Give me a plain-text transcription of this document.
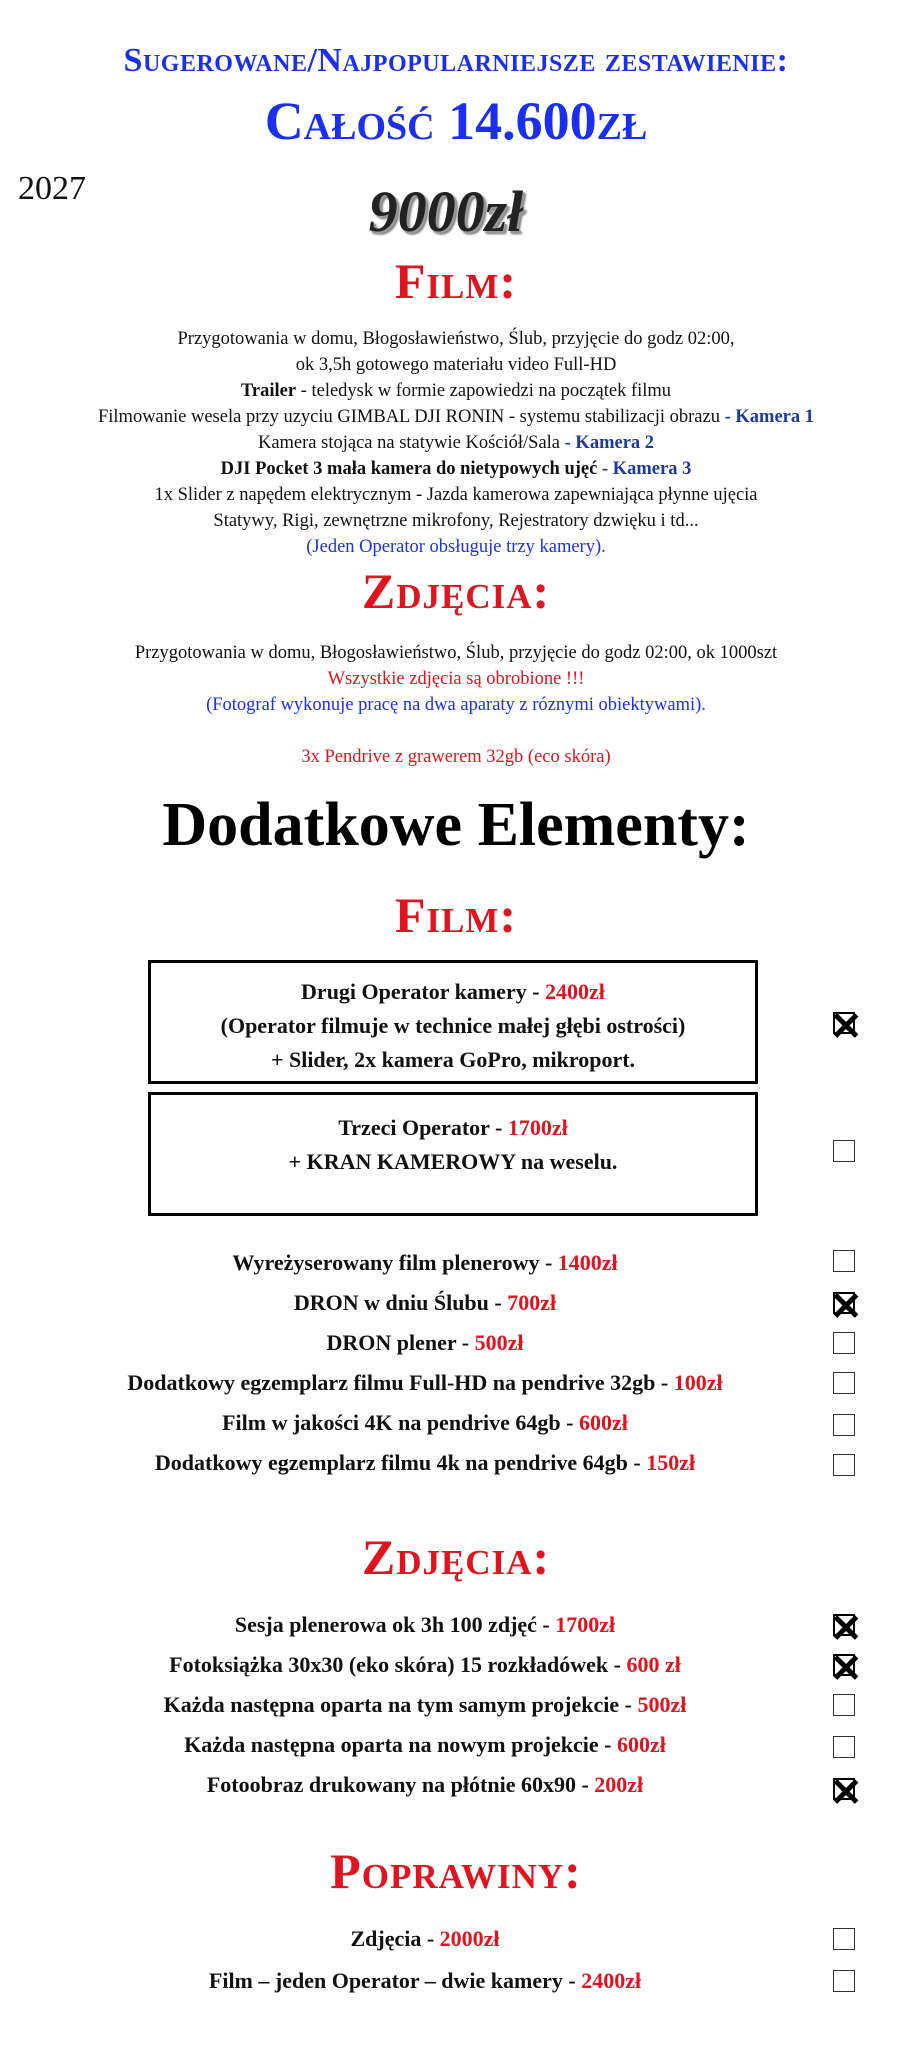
Sugerowane/Najpopularniejsze zestawienie:
Całość 14.600zł
2027	9000zł
Film:
Przygotowania w domu, Błogosławieństwo, Ślub, przyjęcie do godz 02:00,
ok 3,5h gotowego materiału video Full-HD
Trailer - teledysk w formie zapowiedzi na początek filmu
Filmowanie wesela przy uzyciu GIMBAL DJI RONIN - systemu stabilizacji obrazu - Kamera 1
Kamera stojąca na statywie Kościół/Sala - Kamera 2
DJI Pocket 3 mała kamera do nietypowych ujęć - Kamera 3
1x Slider z napędem elektrycznym - Jazda kamerowa zapewniająca płynne ujęcia
Statywy, Rigi, zewnętrzne mikrofony, Rejestratory dzwięku i td...
(Jeden Operator obsługuje trzy kamery).
Zdjęcia:
Przygotowania w domu, Błogosławieństwo, Ślub, przyjęcie do godz 02:00, ok 1000szt
Wszystkie zdjęcia są obrobione !!!
(Fotograf wykonuje pracę na dwa aparaty z róznymi obiektywami).
3x Pendrive z grawerem 32gb (eco skóra)
Dodatkowe Elementy:
Film:
Drugi Operator kamery - 2400zł
(Operator filmuje w technice małej głębi ostrości)
+ Slider, 2x kamera GoPro, mikroport.
Trzeci Operator - 1700zł
+ KRAN KAMEROWY na weselu.
Wyreżyserowany film plenerowy - 1400zł
DRON w dniu Ślubu - 700zł
DRON plener - 500zł
Dodatkowy egzemplarz filmu Full-HD na pendrive 32gb - 100zł
Film w jakości 4K na pendrive 64gb - 600zł
Dodatkowy egzemplarz filmu 4k na pendrive 64gb - 150zł
Zdjęcia:
Sesja plenerowa ok 3h 100 zdjęć - 1700zł
Fotoksiążka 30x30 (eko skóra) 15 rozkładówek - 600 zł
Każda następna oparta na tym samym projekcie - 500zł
Każda następna oparta na nowym projekcie - 600zł
Fotoobraz drukowany na płótnie 60x90 - 200zł
Poprawiny:
Zdjęcia - 2000zł
Film – jeden Operator – dwie kamery - 2400zł
